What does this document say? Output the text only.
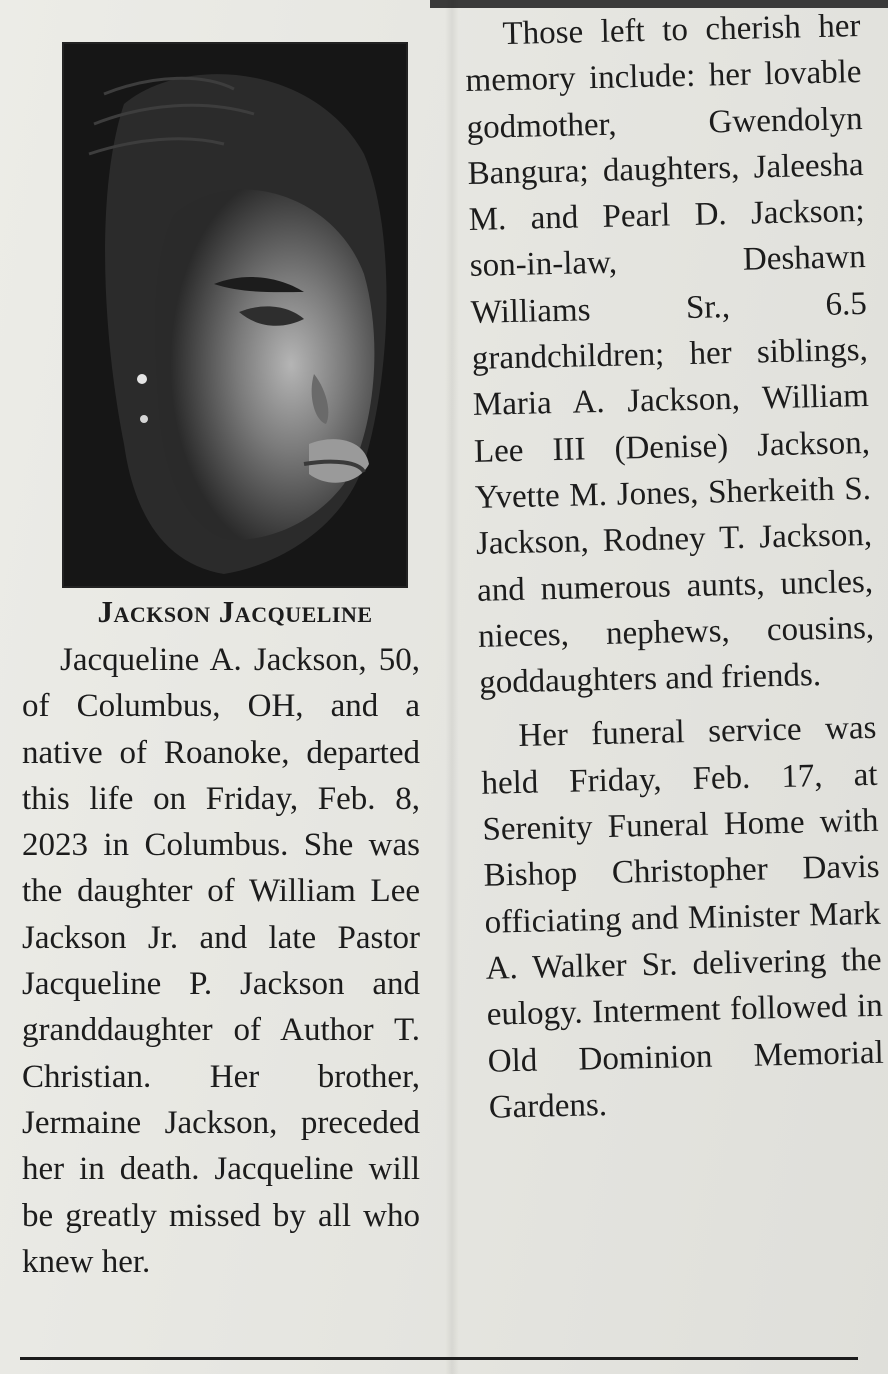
Jackson Jacqueline

Jacqueline A. Jackson, 50, of Columbus, OH, and a native of Roanoke, departed this life on Friday, Feb. 8, 2023 in Columbus. She was the daughter of William Lee Jackson Jr. and late Pastor Jacqueline P. Jackson and granddaughter of Author T. Christian. Her brother, Jermaine Jackson, preceded her in death. Jacqueline will be greatly missed by all who knew her.

Those left to cherish her memory include: her lovable godmother, Gwendolyn Bangura; daughters, Jaleesha M. and Pearl D. Jackson; son-in-law, Deshawn Williams Sr., 6.5 grandchildren; her siblings, Maria A. Jackson, William Lee III (Denise) Jackson, Yvette M. Jones, Sherkeith S. Jackson, Rodney T. Jackson, and numerous aunts, uncles, nieces, nephews, cousins, goddaughters and friends.

Her funeral service was held Friday, Feb. 17, at Serenity Funeral Home with Bishop Christopher Davis officiating and Minister Mark A. Walker Sr. delivering the eulogy. Interment followed in Old Dominion Memorial Gardens.
